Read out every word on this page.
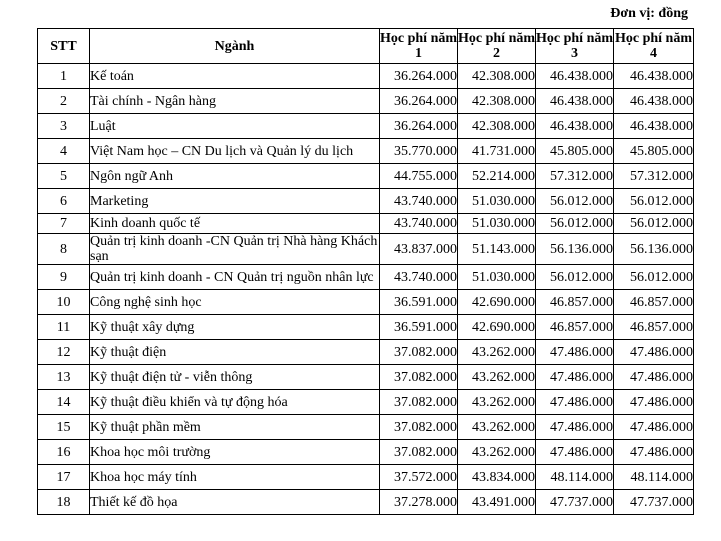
Đơn vị: đồng
STT	Ngành	Học phí năm 1	Học phí năm 2	Học phí năm 3	Học phí năm 4
1	Kế toán	36.264.000	42.308.000	46.438.000	46.438.000
2	Tài chính - Ngân hàng	36.264.000	42.308.000	46.438.000	46.438.000
3	Luật	36.264.000	42.308.000	46.438.000	46.438.000
4	Việt Nam học – CN Du lịch và Quản lý du lịch	35.770.000	41.731.000	45.805.000	45.805.000
5	Ngôn ngữ Anh	44.755.000	52.214.000	57.312.000	57.312.000
6	Marketing	43.740.000	51.030.000	56.012.000	56.012.000
7	Kinh doanh quốc tế	43.740.000	51.030.000	56.012.000	56.012.000
8	Quản trị kinh doanh -CN Quản trị Nhà hàng Khách sạn	43.837.000	51.143.000	56.136.000	56.136.000
9	Quản trị kinh doanh - CN Quản trị nguồn nhân lực	43.740.000	51.030.000	56.012.000	56.012.000
10	Công nghệ sinh học	36.591.000	42.690.000	46.857.000	46.857.000
11	Kỹ thuật xây dựng	36.591.000	42.690.000	46.857.000	46.857.000
12	Kỹ thuật điện	37.082.000	43.262.000	47.486.000	47.486.000
13	Kỹ thuật điện tử - viễn thông	37.082.000	43.262.000	47.486.000	47.486.000
14	Kỹ thuật điều khiển và tự động hóa	37.082.000	43.262.000	47.486.000	47.486.000
15	Kỹ thuật phần mềm	37.082.000	43.262.000	47.486.000	47.486.000
16	Khoa học môi trường	37.082.000	43.262.000	47.486.000	47.486.000
17	Khoa học máy tính	37.572.000	43.834.000	48.114.000	48.114.000
18	Thiết kế đồ họa	37.278.000	43.491.000	47.737.000	47.737.000
